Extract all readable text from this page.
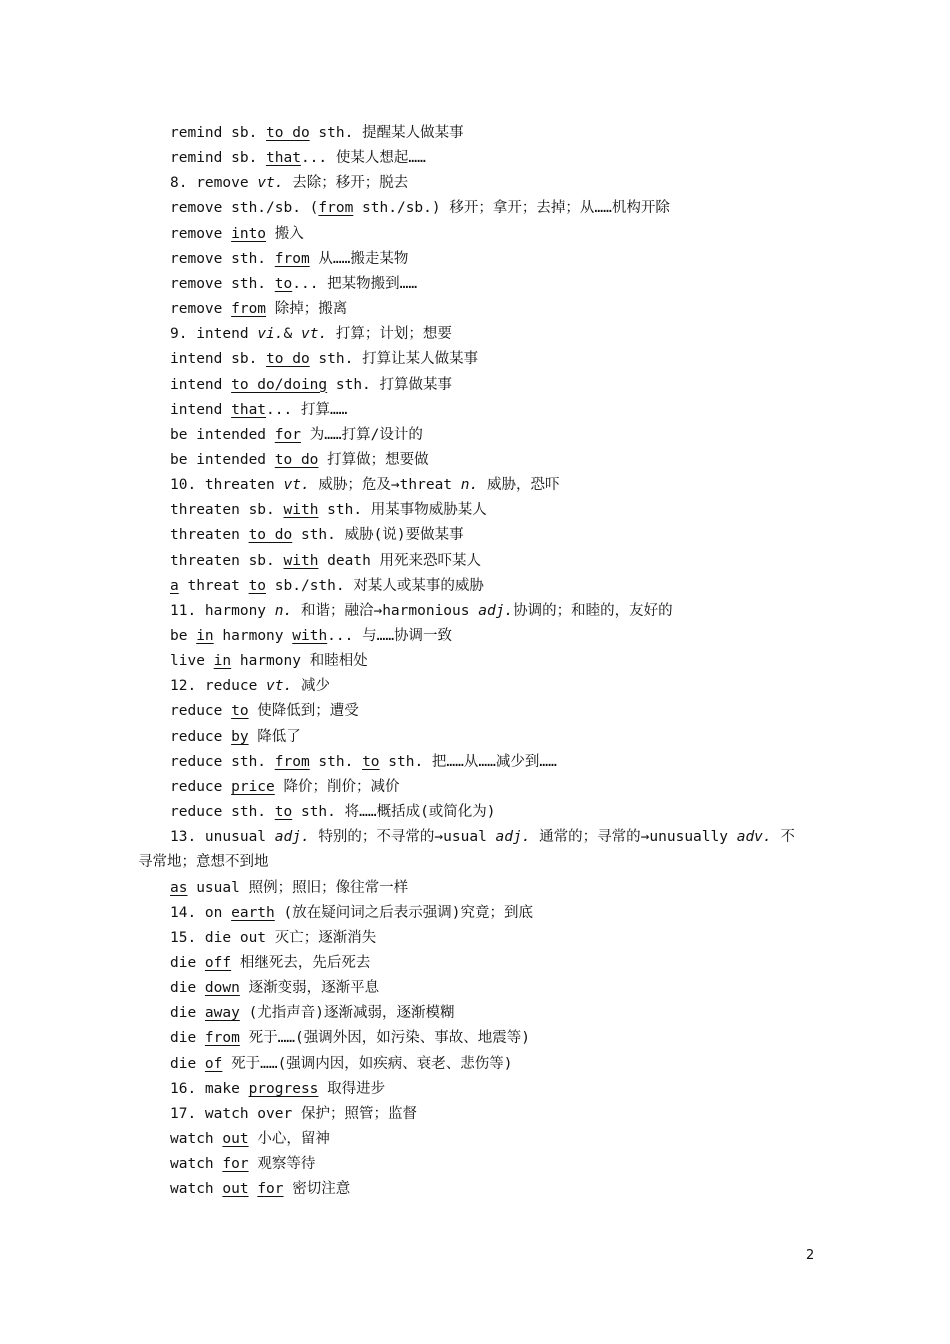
remind sb. to do sth. 提醒某人做某事
remind sb. that... 使某人想起……
8. remove vt. 去除；移开；脱去
remove sth./sb. (from sth./sb.) 移开；拿开；去掉；从……机构开除
remove into 搬入
remove sth. from 从……搬走某物
remove sth. to... 把某物搬到……
remove from 除掉；搬离
9. intend vi.& vt. 打算；计划；想要
intend sb. to do sth. 打算让某人做某事
intend to do/doing sth. 打算做某事
intend that... 打算……
be intended for 为……打算/设计的
be intended to do 打算做；想要做
10. threaten vt. 威胁；危及→threat n. 威胁，恐吓
threaten sb. with sth. 用某事物威胁某人
threaten to do sth. 威胁(说)要做某事
threaten sb. with death 用死来恐吓某人
a threat to sb./sth. 对某人或某事的威胁
11. harmony n. 和谐；融洽→harmonious adj.协调的；和睦的，友好的
be in harmony with... 与……协调一致
live in harmony 和睦相处
12. reduce vt. 减少
reduce to 使降低到；遭受
reduce by 降低了
reduce sth. from sth. to sth. 把……从……减少到……
reduce price 降价；削价；减价
reduce sth. to sth. 将……概括成(或简化为)
13. unusual adj. 特别的；不寻常的→usual adj. 通常的；寻常的→unusually adv. 不
寻常地；意想不到地
as usual 照例；照旧；像往常一样
14. on earth (放在疑问词之后表示强调)究竟；到底
15. die out 灭亡；逐渐消失
die off 相继死去，先后死去
die down 逐渐变弱，逐渐平息
die away (尤指声音)逐渐减弱，逐渐模糊
die from 死于……(强调外因，如污染、事故、地震等)
die of 死于……(强调内因，如疾病、衰老、悲伤等)
16. make progress 取得进步
17. watch over 保护；照管；监督
watch out 小心，留神
watch for 观察等待
watch out for 密切注意
2
